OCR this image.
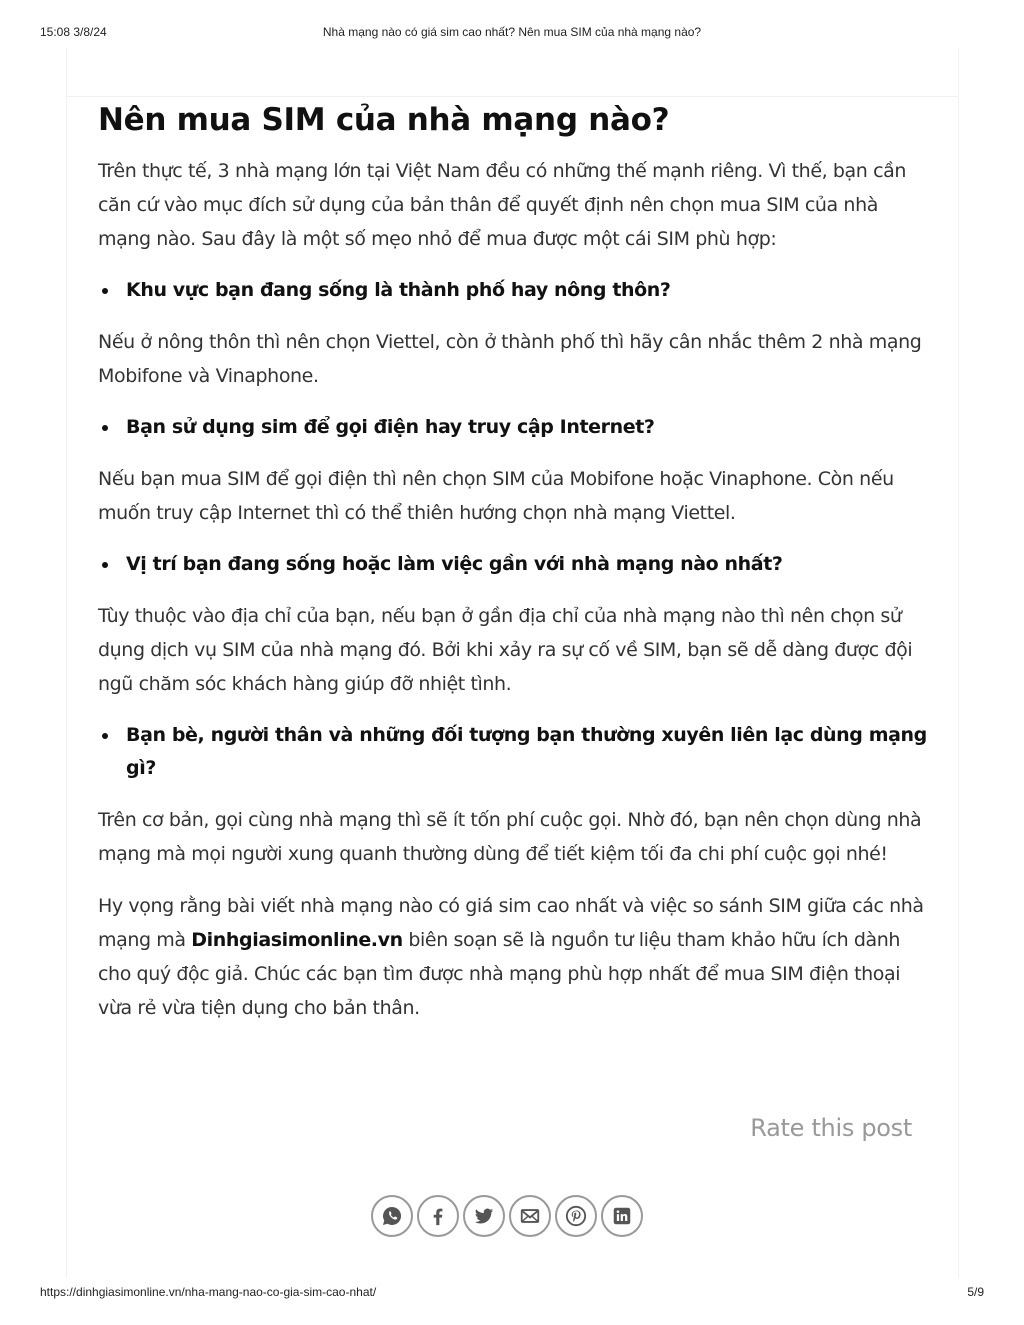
15:08 3/8/24	Nhà mạng nào có giá sim cao nhất? Nên mua SIM của nhà mạng nào?
Nên mua SIM của nhà mạng nào?

Trên thực tế, 3 nhà mạng lớn tại Việt Nam đều có những thế mạnh riêng. Vì thế, bạn cần căn cứ vào mục đích sử dụng của bản thân để quyết định nên chọn mua SIM của nhà mạng nào. Sau đây là một số mẹo nhỏ để mua được một cái SIM phù hợp:

Khu vực bạn đang sống là thành phố hay nông thôn?

Nếu ở nông thôn thì nên chọn Viettel, còn ở thành phố thì hãy cân nhắc thêm 2 nhà mạng Mobifone và Vinaphone.

Bạn sử dụng sim để gọi điện hay truy cập Internet?

Nếu bạn mua SIM để gọi điện thì nên chọn SIM của Mobifone hoặc Vinaphone. Còn nếu muốn truy cập Internet thì có thể thiên hướng chọn nhà mạng Viettel.

Vị trí bạn đang sống hoặc làm việc gần với nhà mạng nào nhất?

Tùy thuộc vào địa chỉ của bạn, nếu bạn ở gần địa chỉ của nhà mạng nào thì nên chọn sử dụng dịch vụ SIM của nhà mạng đó. Bởi khi xảy ra sự cố về SIM, bạn sẽ dễ dàng được đội ngũ chăm sóc khách hàng giúp đỡ nhiệt tình.

Bạn bè, người thân và những đối tượng bạn thường xuyên liên lạc dùng mạng gì?

Trên cơ bản, gọi cùng nhà mạng thì sẽ ít tốn phí cuộc gọi. Nhờ đó, bạn nên chọn dùng nhà mạng mà mọi người xung quanh thường dùng để tiết kiệm tối đa chi phí cuộc gọi nhé!

Hy vọng rằng bài viết nhà mạng nào có giá sim cao nhất và việc so sánh SIM giữa các nhà mạng mà Dinhgiasimonline.vn biên soạn sẽ là nguồn tư liệu tham khảo hữu ích dành cho quý độc giả. Chúc các bạn tìm được nhà mạng phù hợp nhất để mua SIM điện thoại vừa rẻ vừa tiện dụng cho bản thân.

Rate this post
https://dinhgiasimonline.vn/nha-mang-nao-co-gia-sim-cao-nhat/	5/9
